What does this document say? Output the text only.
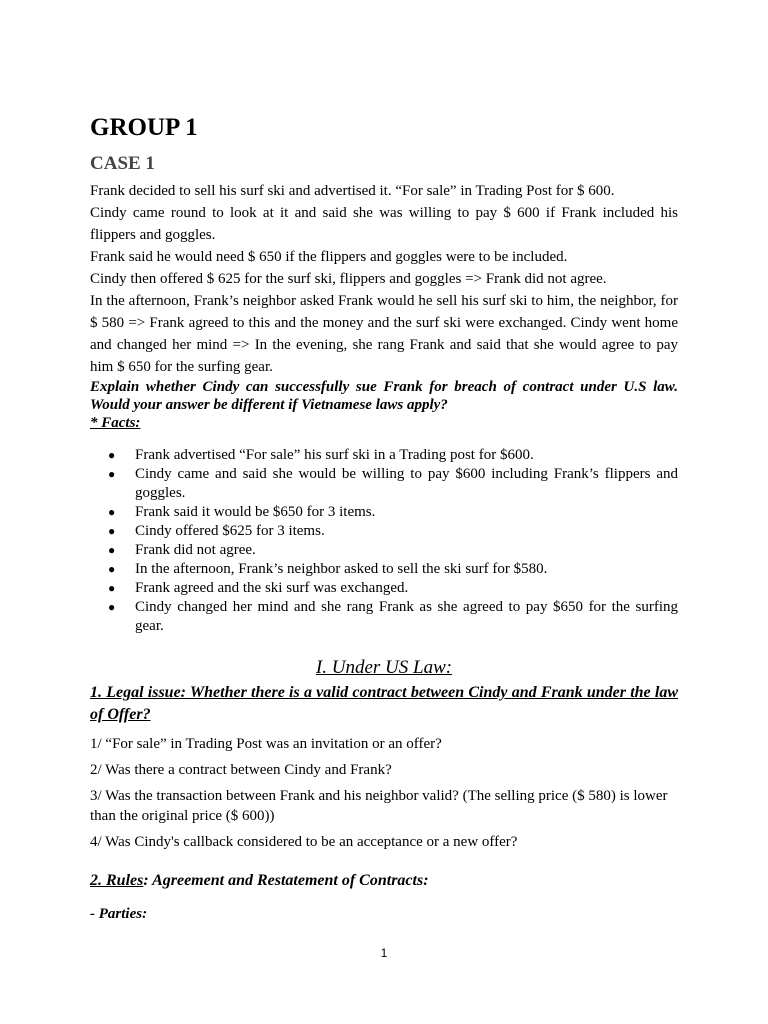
GROUP 1
CASE 1

Frank decided to sell his surf ski and advertised it. “For sale” in Trading Post for $ 600.

Cindy came round to look at it and said she was willing to pay $ 600 if Frank included his flippers and goggles.

Frank said he would need $ 650 if the flippers and goggles were to be included.

Cindy then offered $ 625 for the surf ski, flippers and goggles => Frank did not agree.

In the afternoon, Frank’s neighbor asked Frank would he sell his surf ski to him, the neighbor, for $ 580 => Frank agreed to this and the money and the surf ski were exchanged. Cindy went home and changed her mind => In the evening, she rang Frank and said that she would agree to pay him $ 650 for the surfing gear.

Explain whether Cindy can successfully sue Frank for breach of contract under U.S law. Would your answer be different if Vietnamese laws apply?

* Facts:

● Frank advertised “For sale” his surf ski in a Trading post for $600.
● Cindy came and said she would be willing to pay $600 including Frank’s flippers and goggles.
● Frank said it would be $650 for 3 items.
● Cindy offered $625 for 3 items.
● Frank did not agree.
● In the afternoon, Frank’s neighbor asked to sell the ski surf for $580.
● Frank agreed and the ski surf was exchanged.
● Cindy changed her mind and she rang Frank as she agreed to pay $650 for the surfing gear.
I. Under US Law:

1. Legal issue: Whether there is a valid contract between Cindy and Frank under the law of Offer?

1/ “For sale” in Trading Post was an invitation or an offer?

2/ Was there a contract between Cindy and Frank?

3/ Was the transaction between Frank and his neighbor valid? (The selling price ($ 580) is lower than the original price ($ 600))

4/ Was Cindy's callback considered to be an acceptance or a new offer?

2. Rules: Agreement and Restatement of Contracts:

- Parties:

1
